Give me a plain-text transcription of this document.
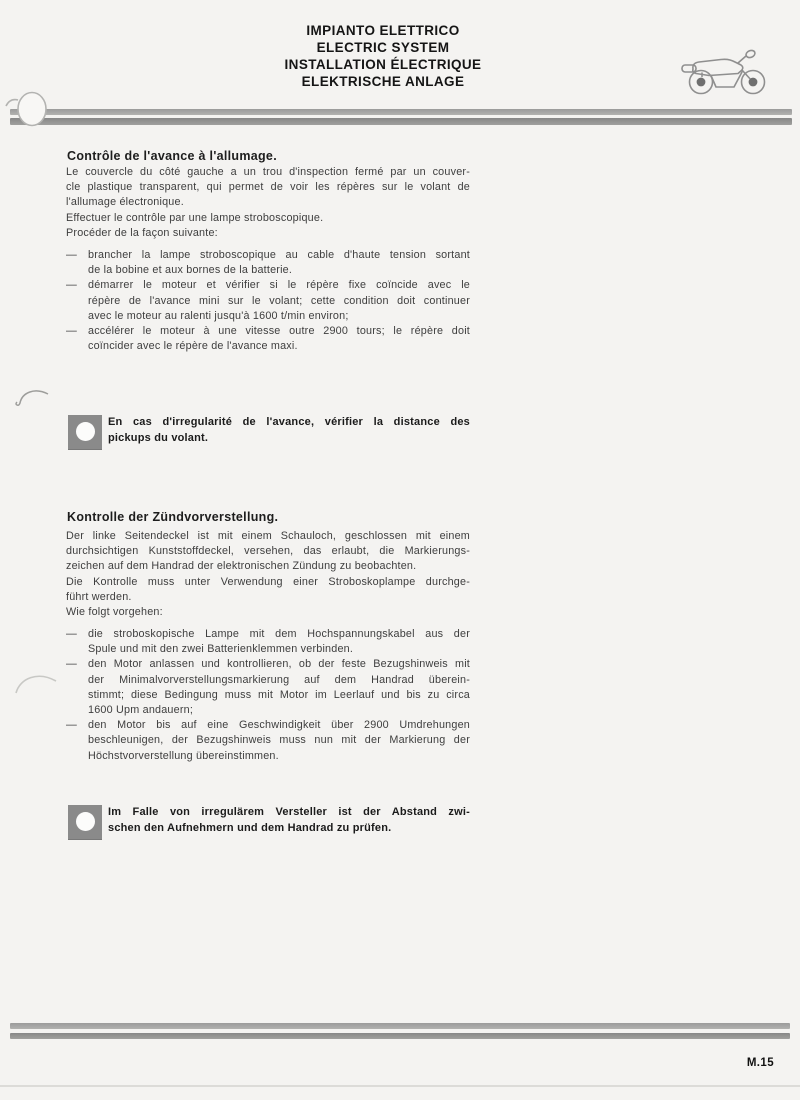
IMPIANTO ELETTRICO
ELECTRIC SYSTEM
INSTALLATION ÉLECTRIQUE
ELEKTRISCHE ANLAGE
Contrôle de l'avance à l'allumage.
Le couvercle du côté gauche a un trou d'inspection fermé par un couver-
cle plastique transparent, qui permet de voir les répères sur le volant de
l'allumage électronique.
Effectuer le contrôle par une lampe stroboscopique.
Procéder de la façon suivante:
— brancher la lampe stroboscopique au cable d'haute tension sortant
de la bobine et aux bornes de la batterie.
— démarrer le moteur et vérifier si le répère fixe coïncide avec le
répère de l'avance mini sur le volant; cette condition doit continuer
avec le moteur au ralenti jusqu'à 1600 t/min environ;
— accélérer le moteur à une vitesse outre 2900 tours; le répère doit
coïncider avec le répère de l'avance maxi.
En cas d'irregularité de l'avance, vérifier la distance des
pickups du volant.
Kontrolle der Zündvorverstellung.
Der linke Seitendeckel ist mit einem Schauloch, geschlossen mit einem
durchsichtigen Kunststoffdeckel, versehen, das erlaubt, die Markierungs-
zeichen auf dem Handrad der elektronischen Zündung zu beobachten.
Die Kontrolle muss unter Verwendung einer Stroboskoplampe durchge-
führt werden.
Wie folgt vorgehen:
— die stroboskopische Lampe mit dem Hochspannungskabel aus der
Spule und mit den zwei Batterienklemmen verbinden.
— den Motor anlassen und kontrollieren, ob der feste Bezugshinweis mit
der Minimalvorverstellungsmarkierung auf dem Handrad überein-
stimmt; diese Bedingung muss mit Motor im Leerlauf und bis zu circa
1600 Upm andauern;
— den Motor bis auf eine Geschwindigkeit über 2900 Umdrehungen
beschleunigen, der Bezugshinweis muss nun mit der Markierung der
Höchstvorverstellung übereinstimmen.
Im Falle von irregulärem Versteller ist der Abstand zwi-
schen den Aufnehmern und dem Handrad zu prüfen.
M.15
